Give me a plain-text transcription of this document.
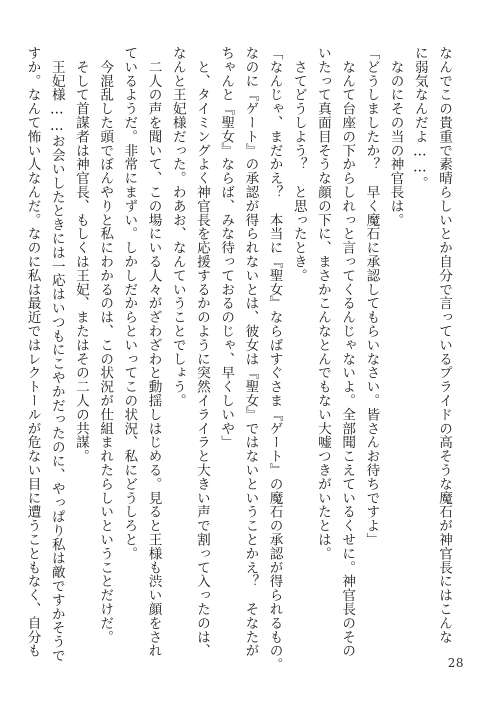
なんでこの貴重で素晴らしいとか自分で言っているプライドの高そうな魔石が神官長にはこんな
に弱気なんだよ……。
　なのにその当の神官長は。
「どうしましたか？　早く魔石に承認してもらいなさい。皆さんお待ちですよ」
　なんて台座の下からしれっと言ってくるんじゃないよ。全部聞こえているくせに。神官長のその
いたって真面目そうな顔の下に、まさかこんなとんでもない大嘘つきがいたとは。
　さてどうしよう？　と思ったとき。
「なんじゃ、まだかえ？　本当に『聖女』ならばすぐさま『ゲート』の魔石の承認が得られるもの。
なのに『ゲート』の承認が得られないとは、彼女は『聖女』ではないということかえ？　そなたが
ちゃんと『聖女』ならば、みな待っておるのじゃ、早くしいや」
　と、タイミングよく神官長を応援するかのように突然イライラと大きい声で割って入ったのは、
なんと王妃様だった。わあお、なんていうことでしょう。
　二人の声を聞いて、この場にいる人々がざわざわと動揺しはじめる。見ると王様も渋い顔をされ
ているようだ。非常にまずい。しかしだからといってこの状況、私にどうしろと。
　今混乱した頭でぼんやりと私にわかるのは、この状況が仕組まれたらしいということだけだ。
　そして首謀者は神官長、もしくは王妃、またはその二人の共謀。
　王妃様……お会いしたときには一応はいつもにこやかだったのに、やっぱり私は敵ですかそうで
すか。なんて怖い人なんだ。なのに私は最近ではレクトールが危ない目に遭うこともなく、自分も
28
